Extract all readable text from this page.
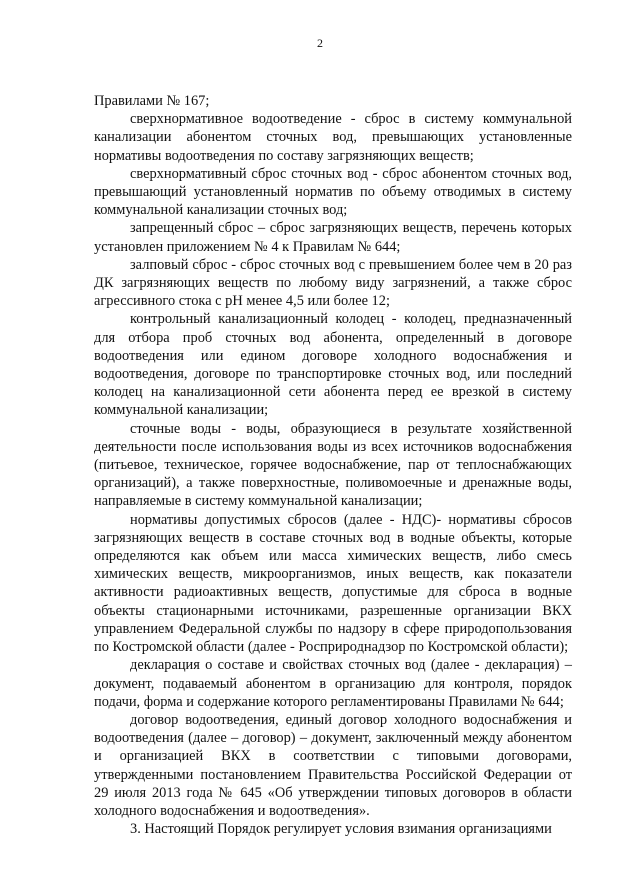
2

Правилами № 167;

сверхнормативное водоотведение - сброс в систему коммунальной канализации абонентом сточных вод, превышающих установленные нормативы водоотведения по составу загрязняющих веществ;

сверхнормативный сброс сточных вод - сброс абонентом сточных вод, превышающий установленный норматив по объему отводимых в систему коммунальной канализации сточных вод;

запрещенный сброс – сброс загрязняющих веществ, перечень которых установлен приложением № 4 к Правилам № 644;

залповый сброс - сброс сточных вод с превышением более чем в 20 раз ДК загрязняющих веществ по любому виду загрязнений, а также сброс агрессивного стока с pH менее 4,5 или более 12;

контрольный канализационный колодец - колодец, предназначенный для отбора проб сточных вод абонента, определенный в договоре водоотведения или едином договоре холодного водоснабжения и водоотведения, договоре по транспортировке сточных вод, или последний колодец на канализационной сети абонента перед ее врезкой в систему коммунальной канализации;

сточные воды - воды, образующиеся в результате хозяйственной деятельности после использования воды из всех источников водоснабжения (питьевое, техническое, горячее водоснабжение, пар от теплоснабжающих организаций), а также поверхностные, поливомоечные и дренажные воды, направляемые в систему коммунальной канализации;

нормативы допустимых сбросов (далее - НДС)- нормативы сбросов загрязняющих веществ в составе сточных вод в водные объекты, которые определяются как объем или масса химических веществ, либо смесь химических веществ, микроорганизмов, иных веществ, как показатели активности радиоактивных веществ, допустимые для сброса в водные объекты стационарными источниками, разрешенные организации ВКХ управлением Федеральной службы по надзору в сфере природопользования по Костромской области (далее - Росприроднадзор по Костромской области);

декларация о составе и свойствах сточных вод (далее - декларация) – документ, подаваемый абонентом в организацию для контроля, порядок подачи, форма и содержание которого регламентированы Правилами № 644;

договор водоотведения, единый договор холодного водоснабжения и водоотведения (далее – договор) – документ, заключенный между абонентом и организацией ВКХ в соответствии с типовыми договорами, утвержденными постановлением Правительства Российской Федерации от 29 июля 2013 года № 645 «Об утверждении типовых договоров в области холодного водоснабжения и водоотведения».

3. Настоящий Порядок регулирует условия взимания организациями
